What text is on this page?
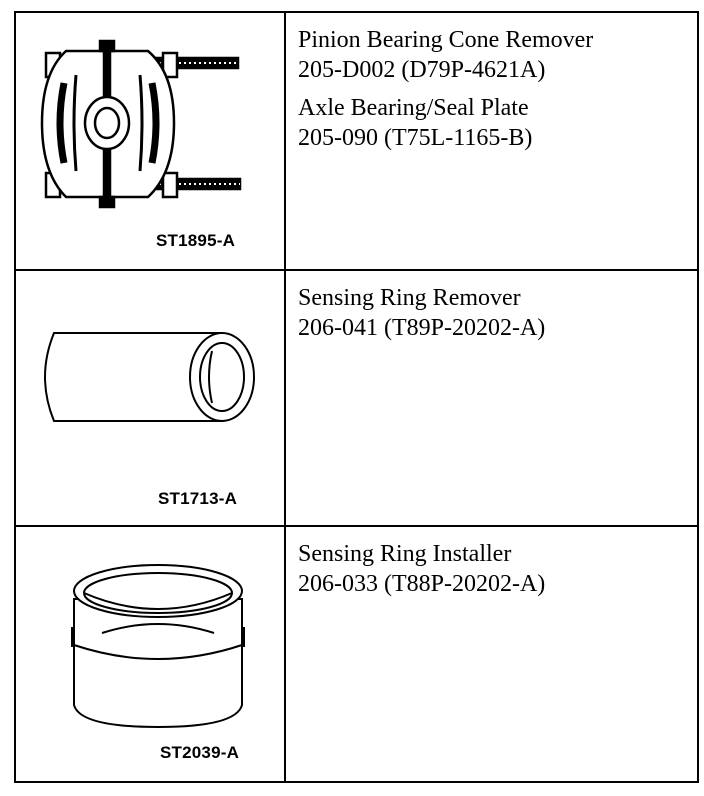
ST1895-A	Pinion Bearing Cone Remover
205-D002 (D79P-4621A)
Axle Bearing/Seal Plate
205-090 (T75L-1165-B)

ST1713-A	Sensing Ring Remover
206-041 (T89P-20202-A)

ST2039-A	Sensing Ring Installer
206-033 (T88P-20202-A)
